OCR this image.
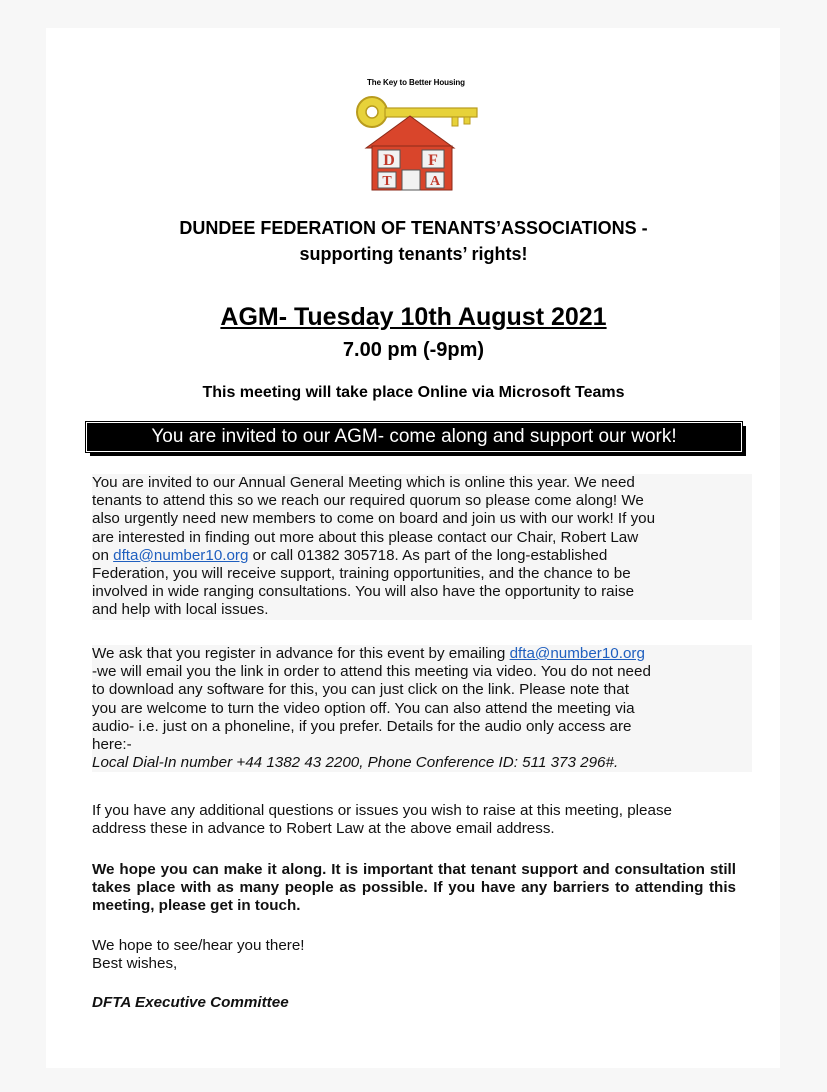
The Key to Better Housing
D F
T	A
DUNDEE FEDERATION OF TENANTS’ASSOCIATIONS -
supporting tenants’ rights!
AGM- Tuesday 10th August 2021
7.00 pm (-9pm)
This meeting will take place Online via Microsoft Teams
You are invited to our AGM- come along and support our work!
You are invited to our Annual General Meeting which is online this year. We need
tenants to attend this so we reach our required quorum so please come along! We
also urgently need new members to come on board and join us with our work! If you
are interested in finding out more about this please contact our Chair, Robert Law
on dfta@number10.org or call 01382 305718. As part of the long-established
Federation, you will receive support, training opportunities, and the chance to be
involved in wide ranging consultations. You will also have the opportunity to raise
and help with local issues.
We ask that you register in advance for this event by emailing dfta@number10.org
-we will email you the link in order to attend this meeting via video. You do not need
to download any software for this, you can just click on the link. Please note that
you are welcome to turn the video option off. You can also attend the meeting via
audio- i.e. just on a phoneline, if you prefer. Details for the audio only access are
here:-
Local Dial-In number +44 1382 43 2200, Phone Conference ID: 511 373 296#.
If you have any additional questions or issues you wish to raise at this meeting, please
address these in advance to Robert Law at the above email address.
We hope you can make it along. It is important that tenant support and consultation still takes place with as many people as possible. If you have any barriers to attending this meeting, please get in touch.
We hope to see/hear you there!
Best wishes,
DFTA Executive Committee
